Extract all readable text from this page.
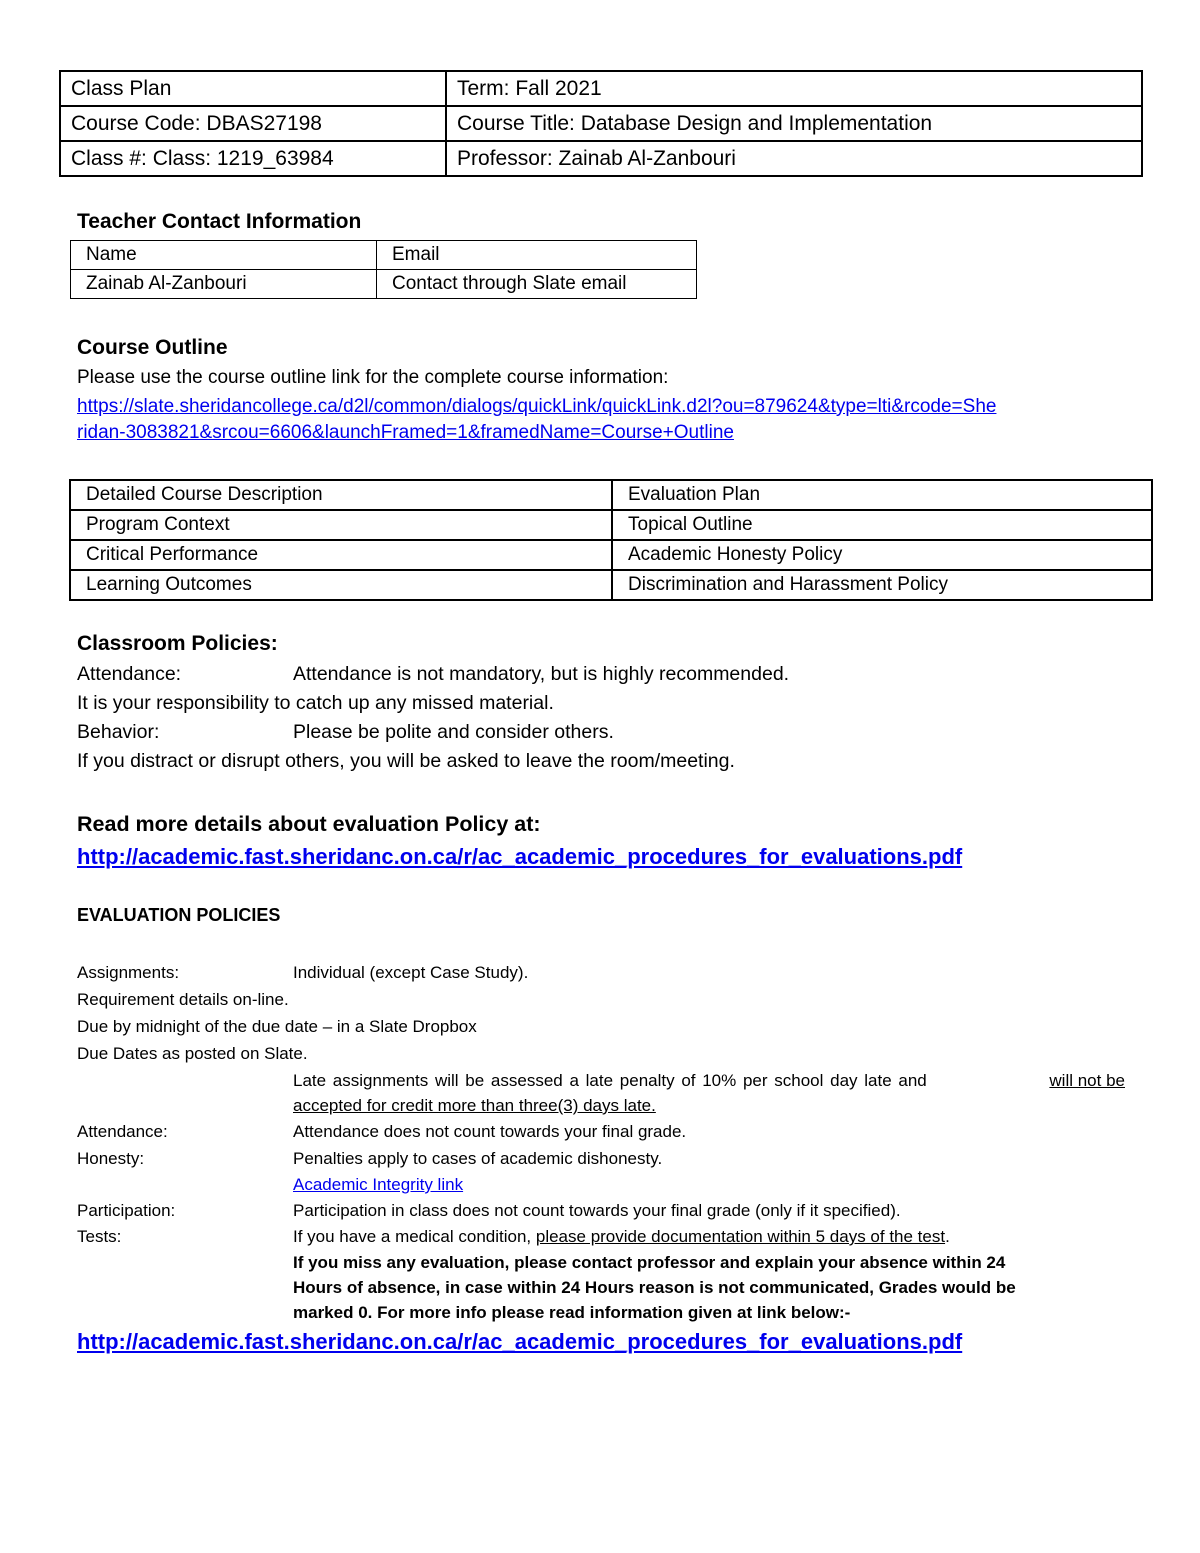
Class Plan	Term: Fall 2021
Course Code: DBAS27198	Course Title: Database Design and Implementation
Class #: Class: 1219_63984	Professor: Zainab Al-Zanbouri
Teacher Contact Information
Name	Email
Zainab Al-Zanbouri	Contact through Slate email
Course Outline
Please use the course outline link for the complete course information:
https://slate.sheridancollege.ca/d2l/common/dialogs/quickLink/quickLink.d2l?ou=879624&type=lti&rcode=She
ridan-3083821&srcou=6606&launchFramed=1&framedName=Course+Outline
Detailed Course Description	Evaluation Plan
Program Context	Topical Outline
Critical Performance	Academic Honesty Policy
Learning Outcomes	Discrimination and Harassment Policy
Classroom Policies:
Attendance:	Attendance is not mandatory, but is highly recommended.
It is your responsibility to catch up any missed material.
Behavior:	Please be polite and consider others.
If you distract or disrupt others, you will be asked to leave the room/meeting.
Read more details about evaluation Policy at:
http://academic.fast.sheridanc.on.ca/r/ac_academic_procedures_for_evaluations.pdf
EVALUATION POLICIES
Assignments:	Individual (except Case Study).
Requirement details on-line.
Due by midnight of the due date – in a Slate Dropbox
Due Dates as posted on Slate.
Late assignments will be assessed a late penalty of 10% per school day late and	will not be
accepted for credit more than three(3) days late.
Attendance:	Attendance does not count towards your final grade.
Honesty:	Penalties apply to cases of academic dishonesty.
Academic Integrity link
Participation:	Participation in class does not count towards your final grade (only if it specified).
Tests:	If you have a medical condition, please provide documentation within 5 days of the test.
If you miss any evaluation, please contact professor and explain your absence within 24
Hours of absence, in case within 24 Hours reason is not communicated, Grades would be
marked 0. For more info please read information given at link below:-
http://academic.fast.sheridanc.on.ca/r/ac_academic_procedures_for_evaluations.pdf
